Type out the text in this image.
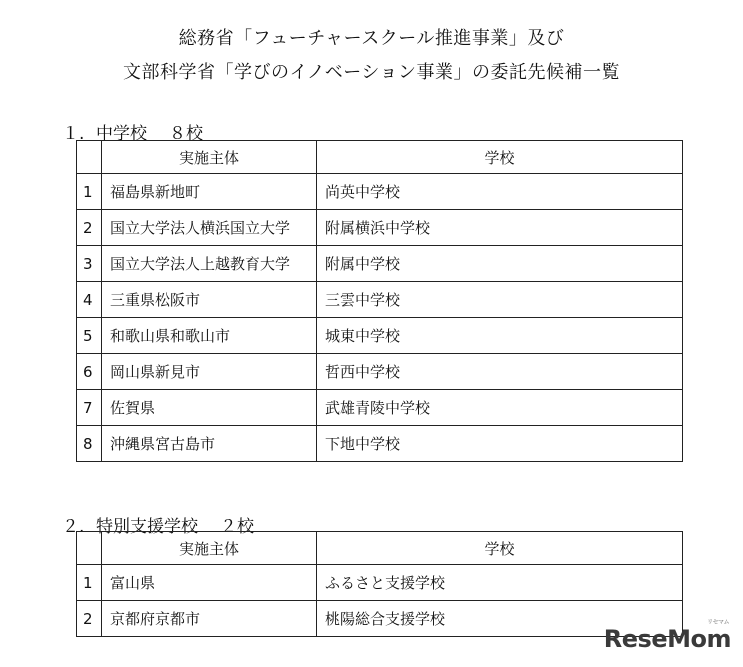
総務省「フューチャースクール推進事業」及び
文部科学省「学びのイノベーション事業」の委託先候補一覧
１. 中学校 ８校
	実施主体	学校
1	福島県新地町	尚英中学校
2	国立大学法人横浜国立大学	附属横浜中学校
3	国立大学法人上越教育大学	附属中学校
4	三重県松阪市	三雲中学校
5	和歌山県和歌山市	城東中学校
6	岡山県新見市	哲西中学校
7	佐賀県	武雄青陵中学校
8	沖縄県宮古島市	下地中学校
２. 特別支援学校 ２校
	実施主体	学校
1	富山県	ふるさと支援学校
2	京都府京都市	桃陽総合支援学校	リセマム
ReseMom
